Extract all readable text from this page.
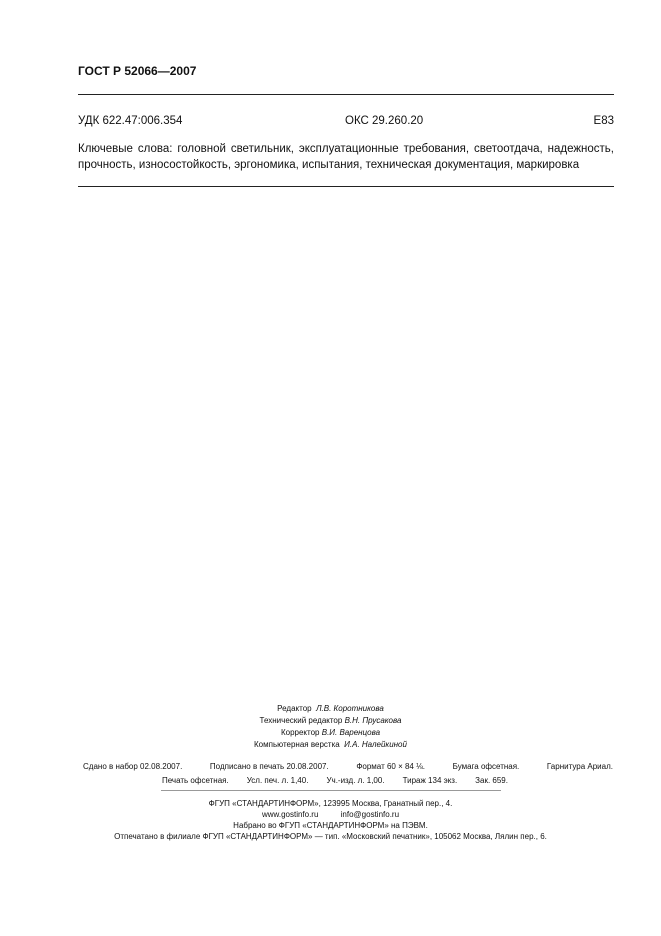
ГОСТ Р 52066—2007
УДК 622.47:006.354	ОКС 29.260.20	Е83
Ключевые слова: головной светильник, эксплуатационные требования, светоотдача, надежность, прочность, износостойкость, эргономика, испытания, техническая документация, маркировка
Редактор Л.В. Коротникова
Технический редактор В.Н. Прусакова
Корректор В.И. Варенцова
Компьютерная верстка И.А. Налейкиной
Сдано в набор 02.08.2007.	Подписано в печать 20.08.2007.	Формат 60 × 84 ⅛.	Бумага офсетная.	Гарнитура Ариал.
Печать офсетная. Усл. печ. л. 1,40. Уч.-изд. л. 1,00. Тираж 134 экз. Зак. 659.
ФГУП «СТАНДАРТИНФОРМ», 123995 Москва, Гранатный пер., 4.
www.gostinfo.ru          info@gostinfo.ru
Набрано во ФГУП «СТАНДАРТИНФОРМ» на ПЭВМ.
Отпечатано в филиале ФГУП «СТАНДАРТИНФОРМ» — тип. «Московский печатник», 105062 Москва, Лялин пер., 6.
